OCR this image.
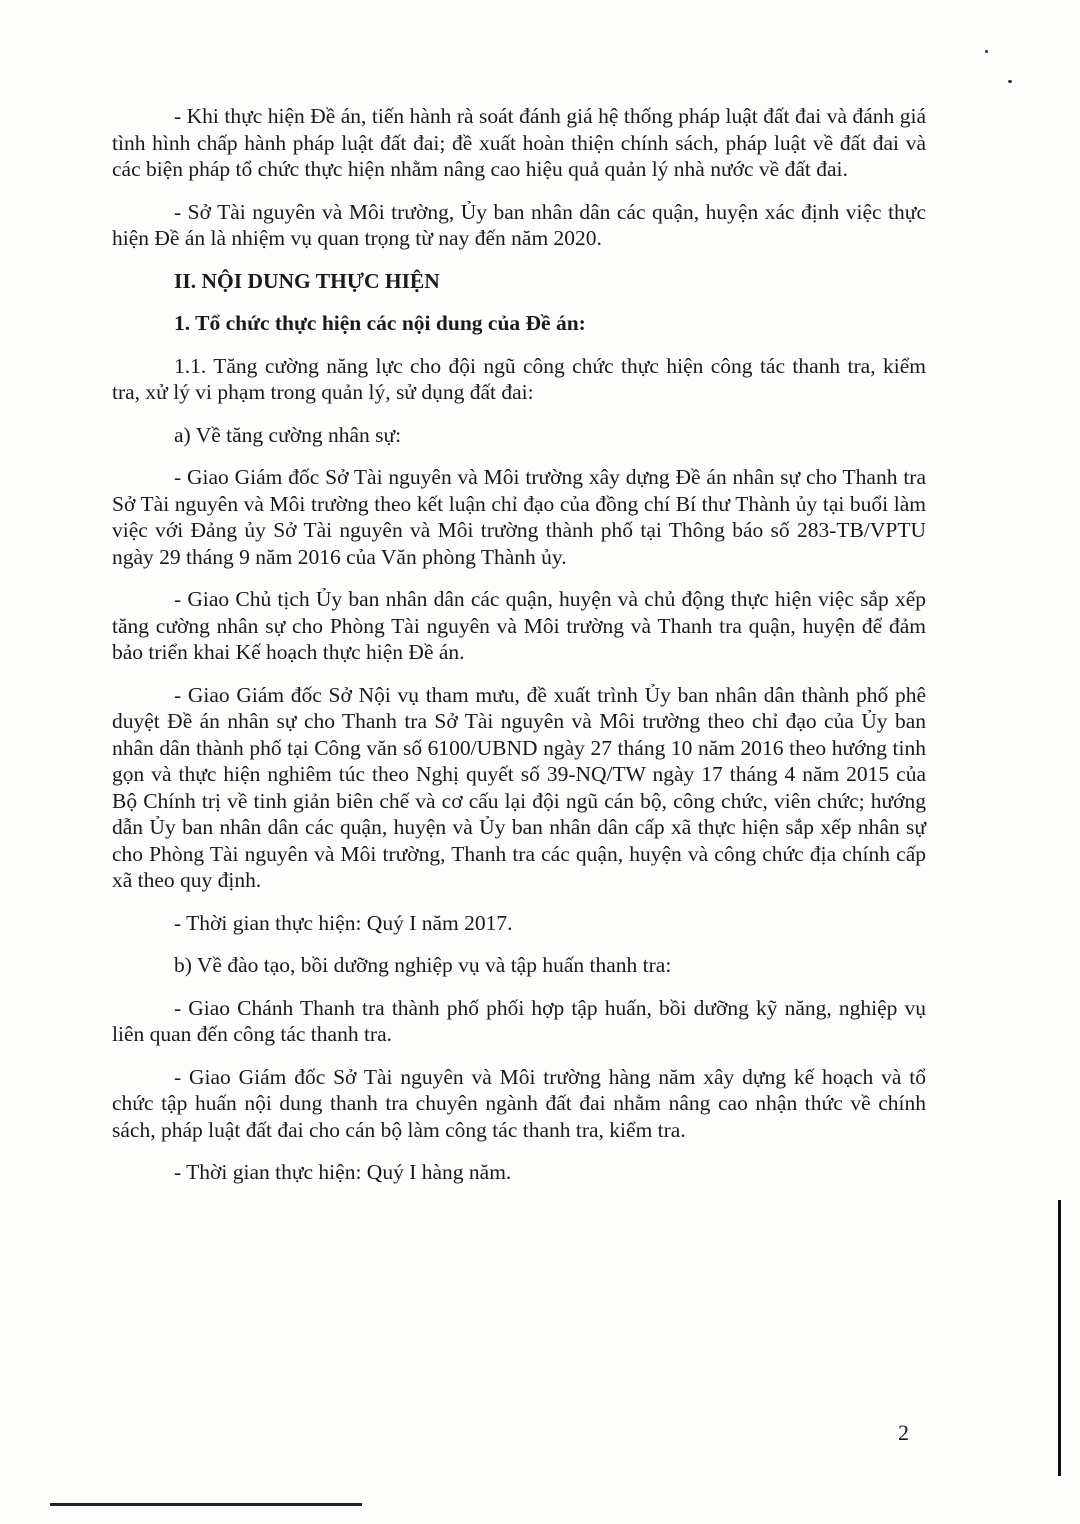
- Khi thực hiện Đề án, tiến hành rà soát đánh giá hệ thống pháp luật đất đai và đánh giá tình hình chấp hành pháp luật đất đai; đề xuất hoàn thiện chính sách, pháp luật về đất đai và các biện pháp tổ chức thực hiện nhằm nâng cao hiệu quả quản lý nhà nước về đất đai.

- Sở Tài nguyên và Môi trường, Ủy ban nhân dân các quận, huyện xác định việc thực hiện Đề án là nhiệm vụ quan trọng từ nay đến năm 2020.

II. NỘI DUNG THỰC HIỆN

1. Tổ chức thực hiện các nội dung của Đề án:

1.1. Tăng cường năng lực cho đội ngũ công chức thực hiện công tác thanh tra, kiểm tra, xử lý vi phạm trong quản lý, sử dụng đất đai:

a) Về tăng cường nhân sự:

- Giao Giám đốc Sở Tài nguyên và Môi trường xây dựng Đề án nhân sự cho Thanh tra Sở Tài nguyên và Môi trường theo kết luận chỉ đạo của đồng chí Bí thư Thành ủy tại buổi làm việc với Đảng ủy Sở Tài nguyên và Môi trường thành phố tại Thông báo số 283-TB/VPTU ngày 29 tháng 9 năm 2016 của Văn phòng Thành ủy.

- Giao Chủ tịch Ủy ban nhân dân các quận, huyện và chủ động thực hiện việc sắp xếp tăng cường nhân sự cho Phòng Tài nguyên và Môi trường và Thanh tra quận, huyện để đảm bảo triển khai Kế hoạch thực hiện Đề án.

- Giao Giám đốc Sở Nội vụ tham mưu, đề xuất trình Ủy ban nhân dân thành phố phê duyệt Đề án nhân sự cho Thanh tra Sở Tài nguyên và Môi trường theo chỉ đạo của Ủy ban nhân dân thành phố tại Công văn số 6100/UBND ngày 27 tháng 10 năm 2016 theo hướng tinh gọn và thực hiện nghiêm túc theo Nghị quyết số 39-NQ/TW ngày 17 tháng 4 năm 2015 của Bộ Chính trị về tinh giản biên chế và cơ cấu lại đội ngũ cán bộ, công chức, viên chức; hướng dẫn Ủy ban nhân dân các quận, huyện và Ủy ban nhân dân cấp xã thực hiện sắp xếp nhân sự cho Phòng Tài nguyên và Môi trường, Thanh tra các quận, huyện và công chức địa chính cấp xã theo quy định.

- Thời gian thực hiện: Quý I năm 2017.

b) Về đào tạo, bồi dưỡng nghiệp vụ và tập huấn thanh tra:

- Giao Chánh Thanh tra thành phố phối hợp tập huấn, bồi dưỡng kỹ năng, nghiệp vụ liên quan đến công tác thanh tra.

- Giao Giám đốc Sở Tài nguyên và Môi trường hàng năm xây dựng kế hoạch và tổ chức tập huấn nội dung thanh tra chuyên ngành đất đai nhằm nâng cao nhận thức về chính sách, pháp luật đất đai cho cán bộ làm công tác thanh tra, kiểm tra.

- Thời gian thực hiện: Quý I hàng năm.

2
